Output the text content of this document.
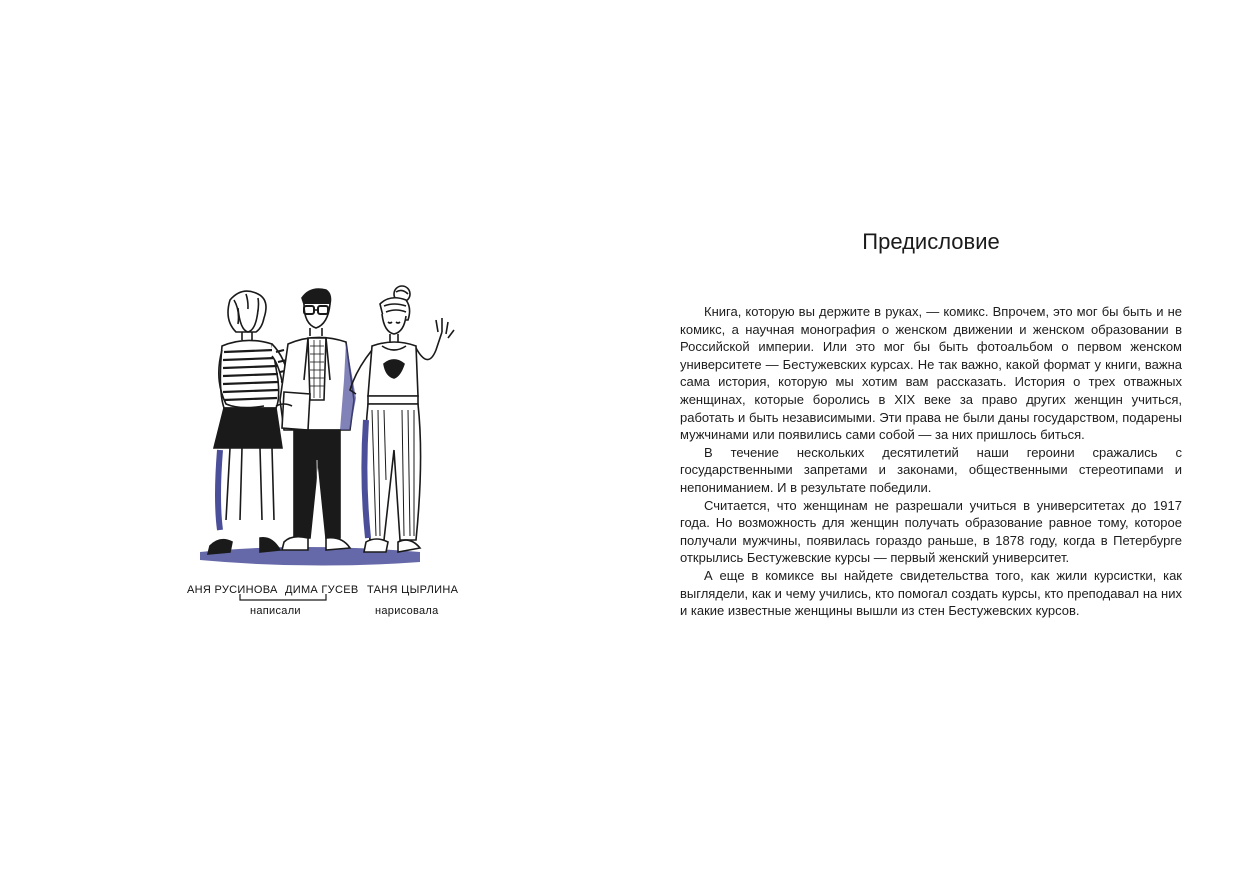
АНЯ РУСИНОВА ДИМА ГУСЕВ ТАНЯ ЦЫРЛИНА
написали	нарисовала
Предисловие

Книга, которую вы держите в руках, — комикс. Впрочем, это мог бы быть и не комикс, а научная монография о женском движении и женском образовании в Российской империи. Или это мог бы быть фотоальбом о первом женском университете — Бестужевских курсах. Не так важно, какой формат у книги, важна сама история, которую мы хотим вам рассказать. История о трех отважных женщинах, которые боролись в XIX веке за право других женщин учиться, работать и быть независимыми. Эти права не были даны государством, подарены мужчинами или появились сами собой — за них пришлось биться.

В течение нескольких десятилетий наши героини сражались с государственными запретами и законами, общественными стереотипами и непониманием. И в результате победили.

Считается, что женщинам не разрешали учиться в университетах до 1917 года. Но возможность для женщин получать образование равное тому, которое получали мужчины, появилась гораздо раньше, в 1878 году, когда в Петербурге открылись Бестужевские курсы — первый женский университет.

А еще в комиксе вы найдете свидетельства того, как жили курсистки, как выглядели, как и чему учились, кто помогал создать курсы, кто преподавал на них и какие известные женщины вышли из стен Бестужевских курсов.
